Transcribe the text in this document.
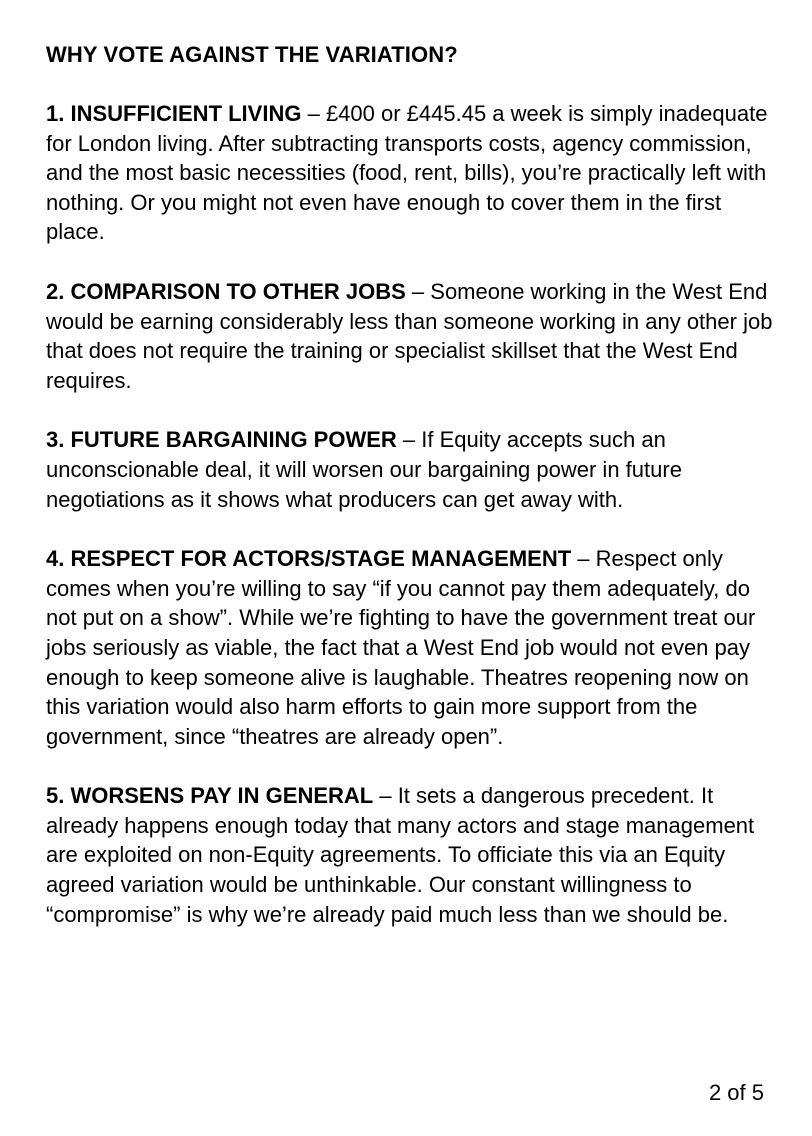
WHY VOTE AGAINST THE VARIATION?

1. INSUFFICIENT LIVING – £400 or £445.45 a week is simply inadequate for London living. After subtracting transports costs, agency commission, and the most basic necessities (food, rent, bills), you’re practically left with nothing. Or you might not even have enough to cover them in the first place.

2. COMPARISON TO OTHER JOBS – Someone working in the West End would be earning considerably less than someone working in any other job that does not require the training or specialist skillset that the West End requires.

3. FUTURE BARGAINING POWER – If Equity accepts such an unconscionable deal, it will worsen our bargaining power in future negotiations as it shows what producers can get away with.

4. RESPECT FOR ACTORS/STAGE MANAGEMENT – Respect only comes when you’re willing to say “if you cannot pay them adequately, do not put on a show”. While we’re fighting to have the government treat our jobs seriously as viable, the fact that a West End job would not even pay enough to keep someone alive is laughable. Theatres reopening now on this variation would also harm efforts to gain more support from the government, since “theatres are already open”.

5. WORSENS PAY IN GENERAL – It sets a dangerous precedent. It already happens enough today that many actors and stage management are exploited on non-Equity agreements. To officiate this via an Equity agreed variation would be unthinkable. Our constant willingness to “compromise” is why we’re already paid much less than we should be.

2 of 5
